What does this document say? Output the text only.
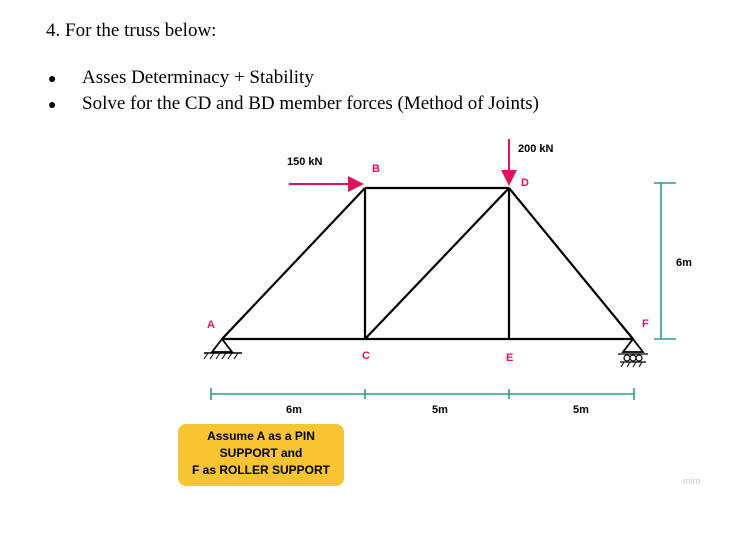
4. For the truss below:
●	Asses Determinacy + Stability
●	Solve for the CD and BD member forces (Method of Joints)
150 kN
200 kN
A
B
C
D
E
F
6m	5m	5m
6m
miro
Assume A as a PIN
SUPPORT and
F as ROLLER SUPPORT
